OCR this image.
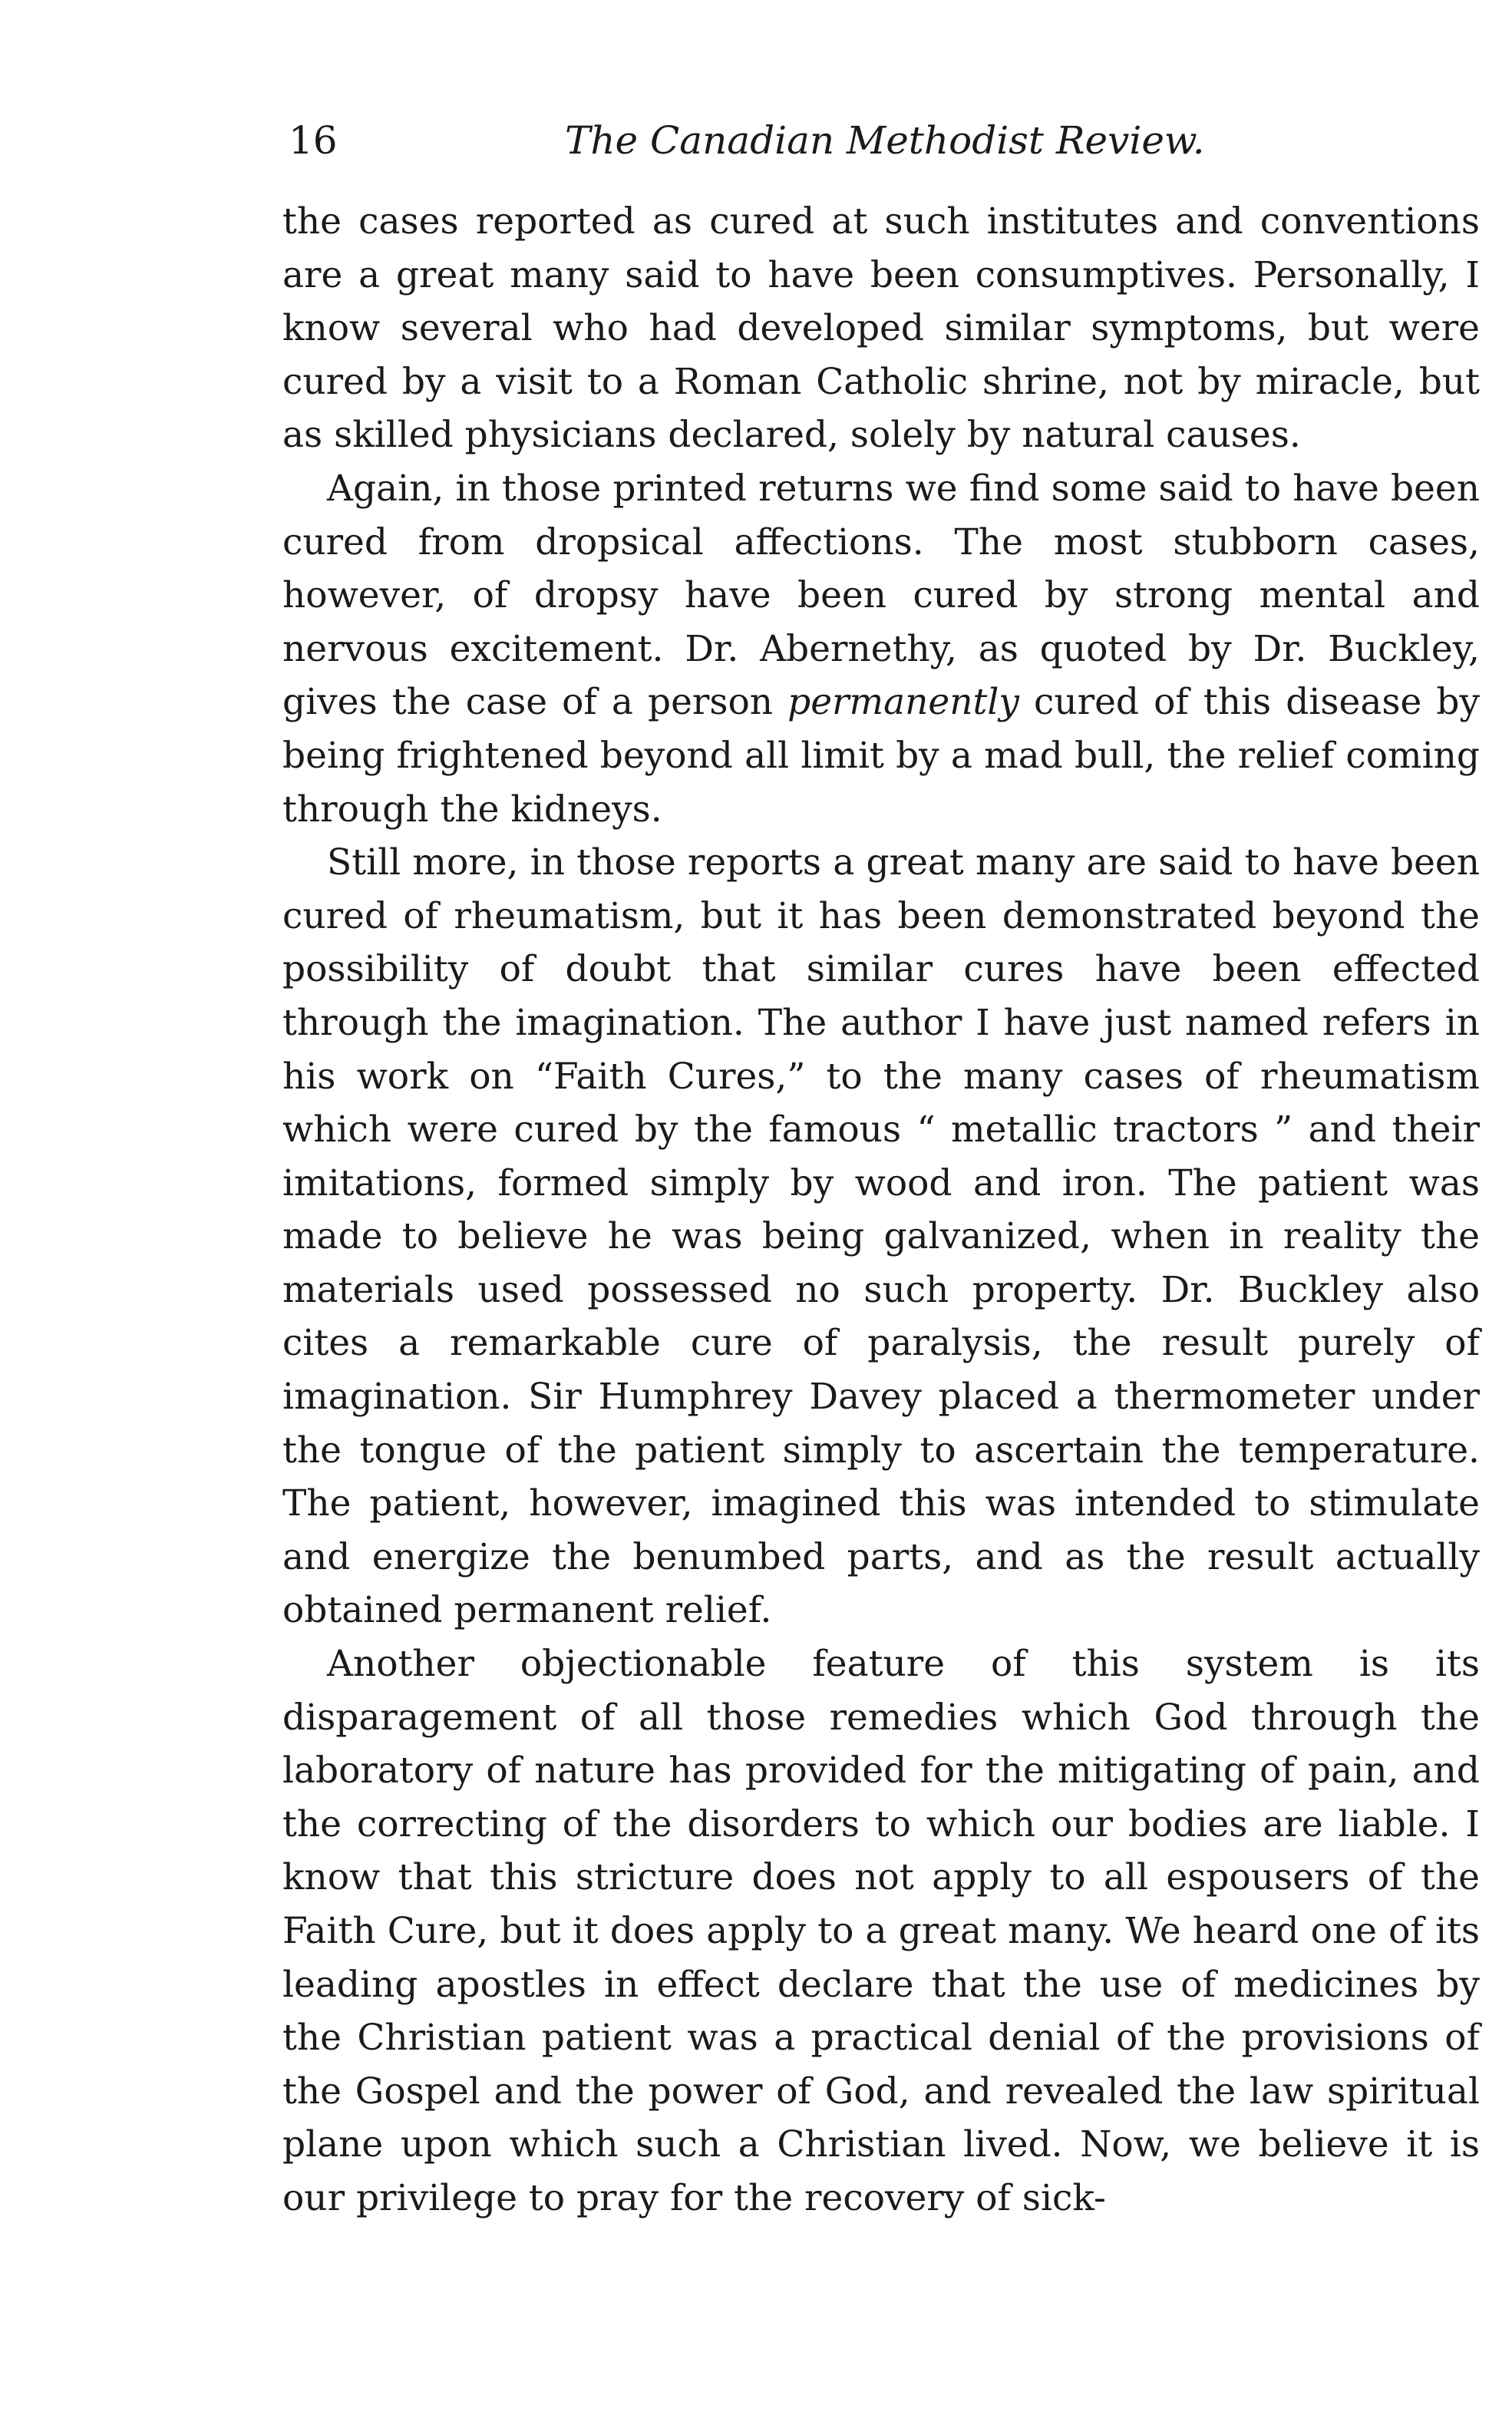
16	The Canadian Methodist Review.

the cases reported as cured at such institutes and conventions are a great many said to have been consumptives. Personally, I know several who had developed similar symptoms, but were cured by a visit to a Roman Catholic shrine, not by miracle, but as skilled physicians declared, solely by natural causes.

Again, in those printed returns we find some said to have been cured from dropsical affections. The most stubborn cases, however, of dropsy have been cured by strong mental and nervous excitement. Dr. Abernethy, as quoted by Dr. Buckley, gives the case of a person permanently cured of this disease by being frightened beyond all limit by a mad bull, the relief coming through the kidneys.

Still more, in those reports a great many are said to have been cured of rheumatism, but it has been demonstrated beyond the possibility of doubt that similar cures have been effected through the imagination. The author I have just named refers in his work on “Faith Cures,” to the many cases of rheumatism which were cured by the famous “ metallic tractors ” and their imitations, formed simply by wood and iron. The patient was made to believe he was being galvanized, when in reality the materials used possessed no such property. Dr. Buckley also cites a remarkable cure of paralysis, the result purely of imagination. Sir Humphrey Davey placed a thermometer under the tongue of the patient simply to ascertain the temperature. The patient, however, imagined this was intended to stimulate and energize the benumbed parts, and as the result actually obtained permanent relief.

Another objectionable feature of this system is its disparagement of all those remedies which God through the laboratory of nature has provided for the mitigating of pain, and the correcting of the disorders to which our bodies are liable. I know that this stricture does not apply to all espousers of the Faith Cure, but it does apply to a great many. We heard one of its leading apostles in effect declare that the use of medicines by the Christian patient was a practical denial of the provisions of the Gospel and the power of God, and revealed the law spiritual plane upon which such a Christian lived. Now, we believe it is our privilege to pray for the recovery of sick-
